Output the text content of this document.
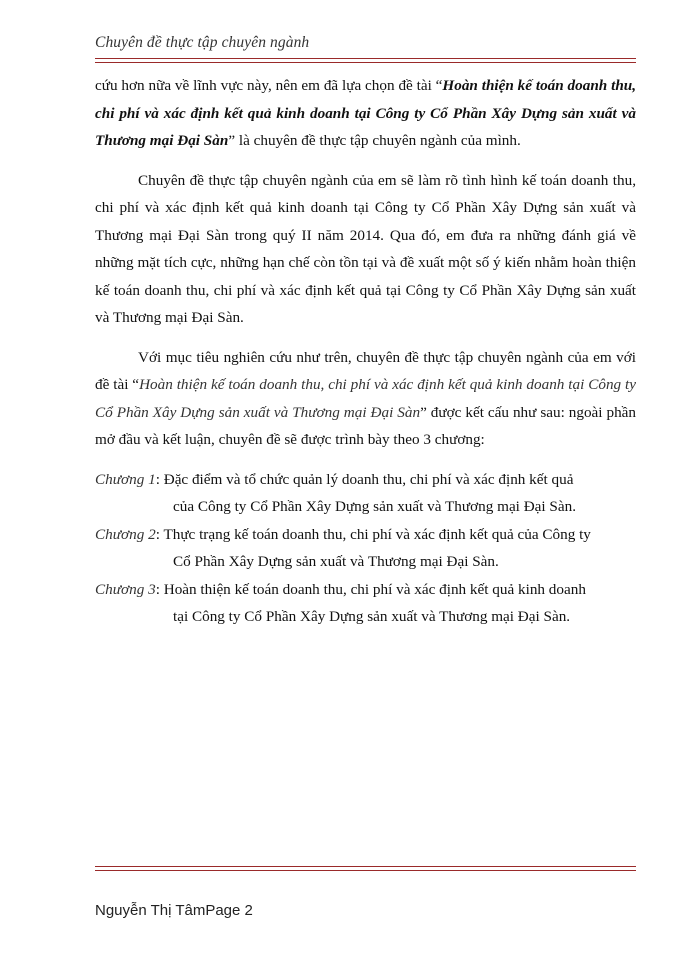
Chuyên đề thực tập chuyên ngành

cứu hơn nữa về lĩnh vực này, nên em đã lựa chọn đề tài “Hoàn thiện kế toán doanh thu, chi phí và xác định kết quả kinh doanh tại Công ty Cổ Phần Xây Dựng sản xuất và Thương mại Đại Sàn” là chuyên đề thực tập chuyên ngành của mình.

Chuyên đề thực tập chuyên ngành của em sẽ làm rõ tình hình kế toán doanh thu, chi phí và xác định kết quả kinh doanh tại Công ty Cổ Phần Xây Dựng sản xuất và Thương mại Đại Sàn trong quý II năm 2014. Qua đó, em đưa ra những đánh giá về những mặt tích cực, những hạn chế còn tồn tại và đề xuất một số ý kiến nhằm hoàn thiện kế toán doanh thu, chi phí và xác định kết quả tại Công ty Cổ Phần Xây Dựng sản xuất và Thương mại Đại Sàn.

Với mục tiêu nghiên cứu như trên, chuyên đề thực tập chuyên ngành của em với đề tài “Hoàn thiện kế toán doanh thu, chi phí và xác định kết quả kinh doanh tại Công ty Cổ Phần Xây Dựng sản xuất và Thương mại Đại Sàn” được kết cấu như sau: ngoài phần mở đầu và kết luận, chuyên đề sẽ được trình bày theo 3 chương:

Chương 1 : Đặc điểm và tổ chức quản lý doanh thu, chi phí và xác định kết quả
của Công ty Cổ Phần Xây Dựng sản xuất và Thương mại Đại Sàn.
Chương 2 : Thực trạng kế toán doanh thu, chi phí và xác định kết quả của Công ty
Cổ Phần Xây Dựng sản xuất và Thương mại Đại Sàn.
Chương 3 : Hoàn thiện kế toán doanh thu, chi phí và xác định kết quả kinh doanh
tại Công ty Cổ Phần Xây Dựng sản xuất và Thương mại Đại Sàn.
Nguyễn Thị TâmPage 2
